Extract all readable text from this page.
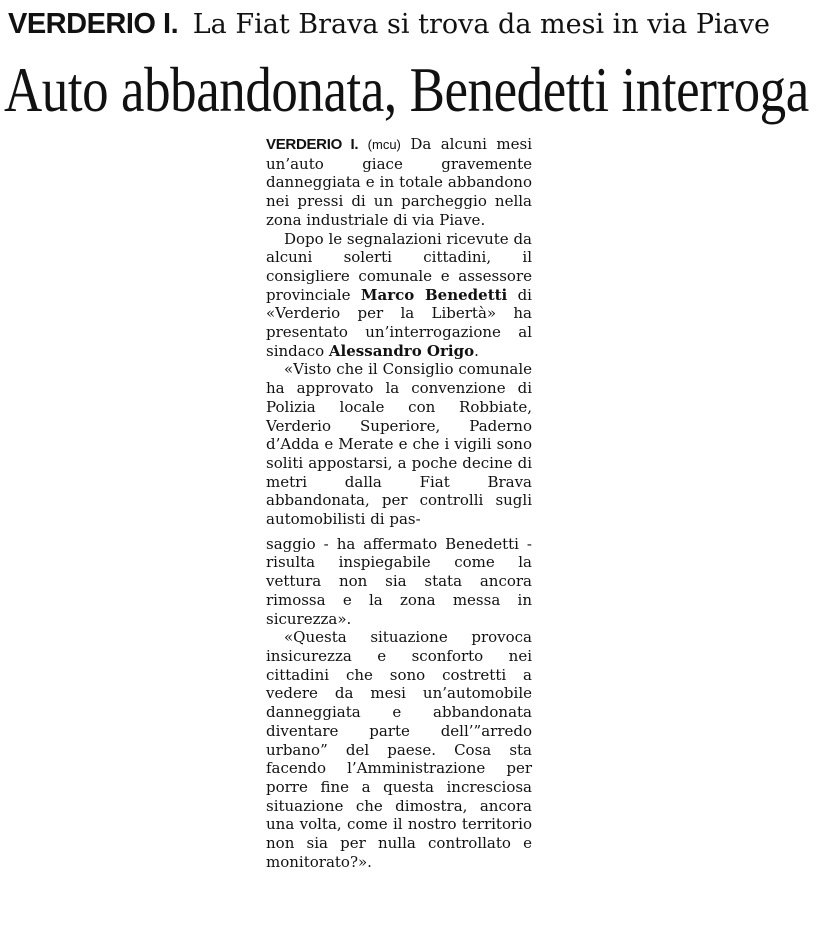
VERDERIO I. La Fiat Brava si trova da mesi in via Piave
Auto abbandonata, Benedetti interroga

VERDERIO I. (mcu) Da alcuni mesi un’auto giace gravemente danneggiata e in totale abbandono nei pressi di un parcheggio nella zona industriale di via Piave.

Dopo le segnalazioni ricevute da alcuni solerti cittadini, il consigliere comunale e assessore provinciale Marco Benedetti di «Verderio per la Libertà» ha presentato un’interrogazione al sindaco Alessandro Origo.

«Visto che il Consiglio comunale ha approvato la convenzione di Polizia locale con Robbiate, Verderio Superiore, Paderno d’Adda e Merate e che i vigili sono soliti appostarsi, a poche decine di metri dalla Fiat Brava abbandonata, per controlli sugli automobilisti di pas-

saggio - ha affermato Benedetti - risulta inspiegabile come la vettura non sia stata ancora rimossa e la zona messa in sicurezza».

«Questa situazione provoca insicurezza e sconforto nei cittadini che sono costretti a vedere da mesi un’automobile danneggiata e abbandonata diventare parte dell’”arredo urbano” del paese. Cosa sta facendo l’Amministrazione per porre fine a questa incresciosa situazione che dimostra, ancora una volta, come il nostro territorio non sia per nulla controllato e monitorato?».
